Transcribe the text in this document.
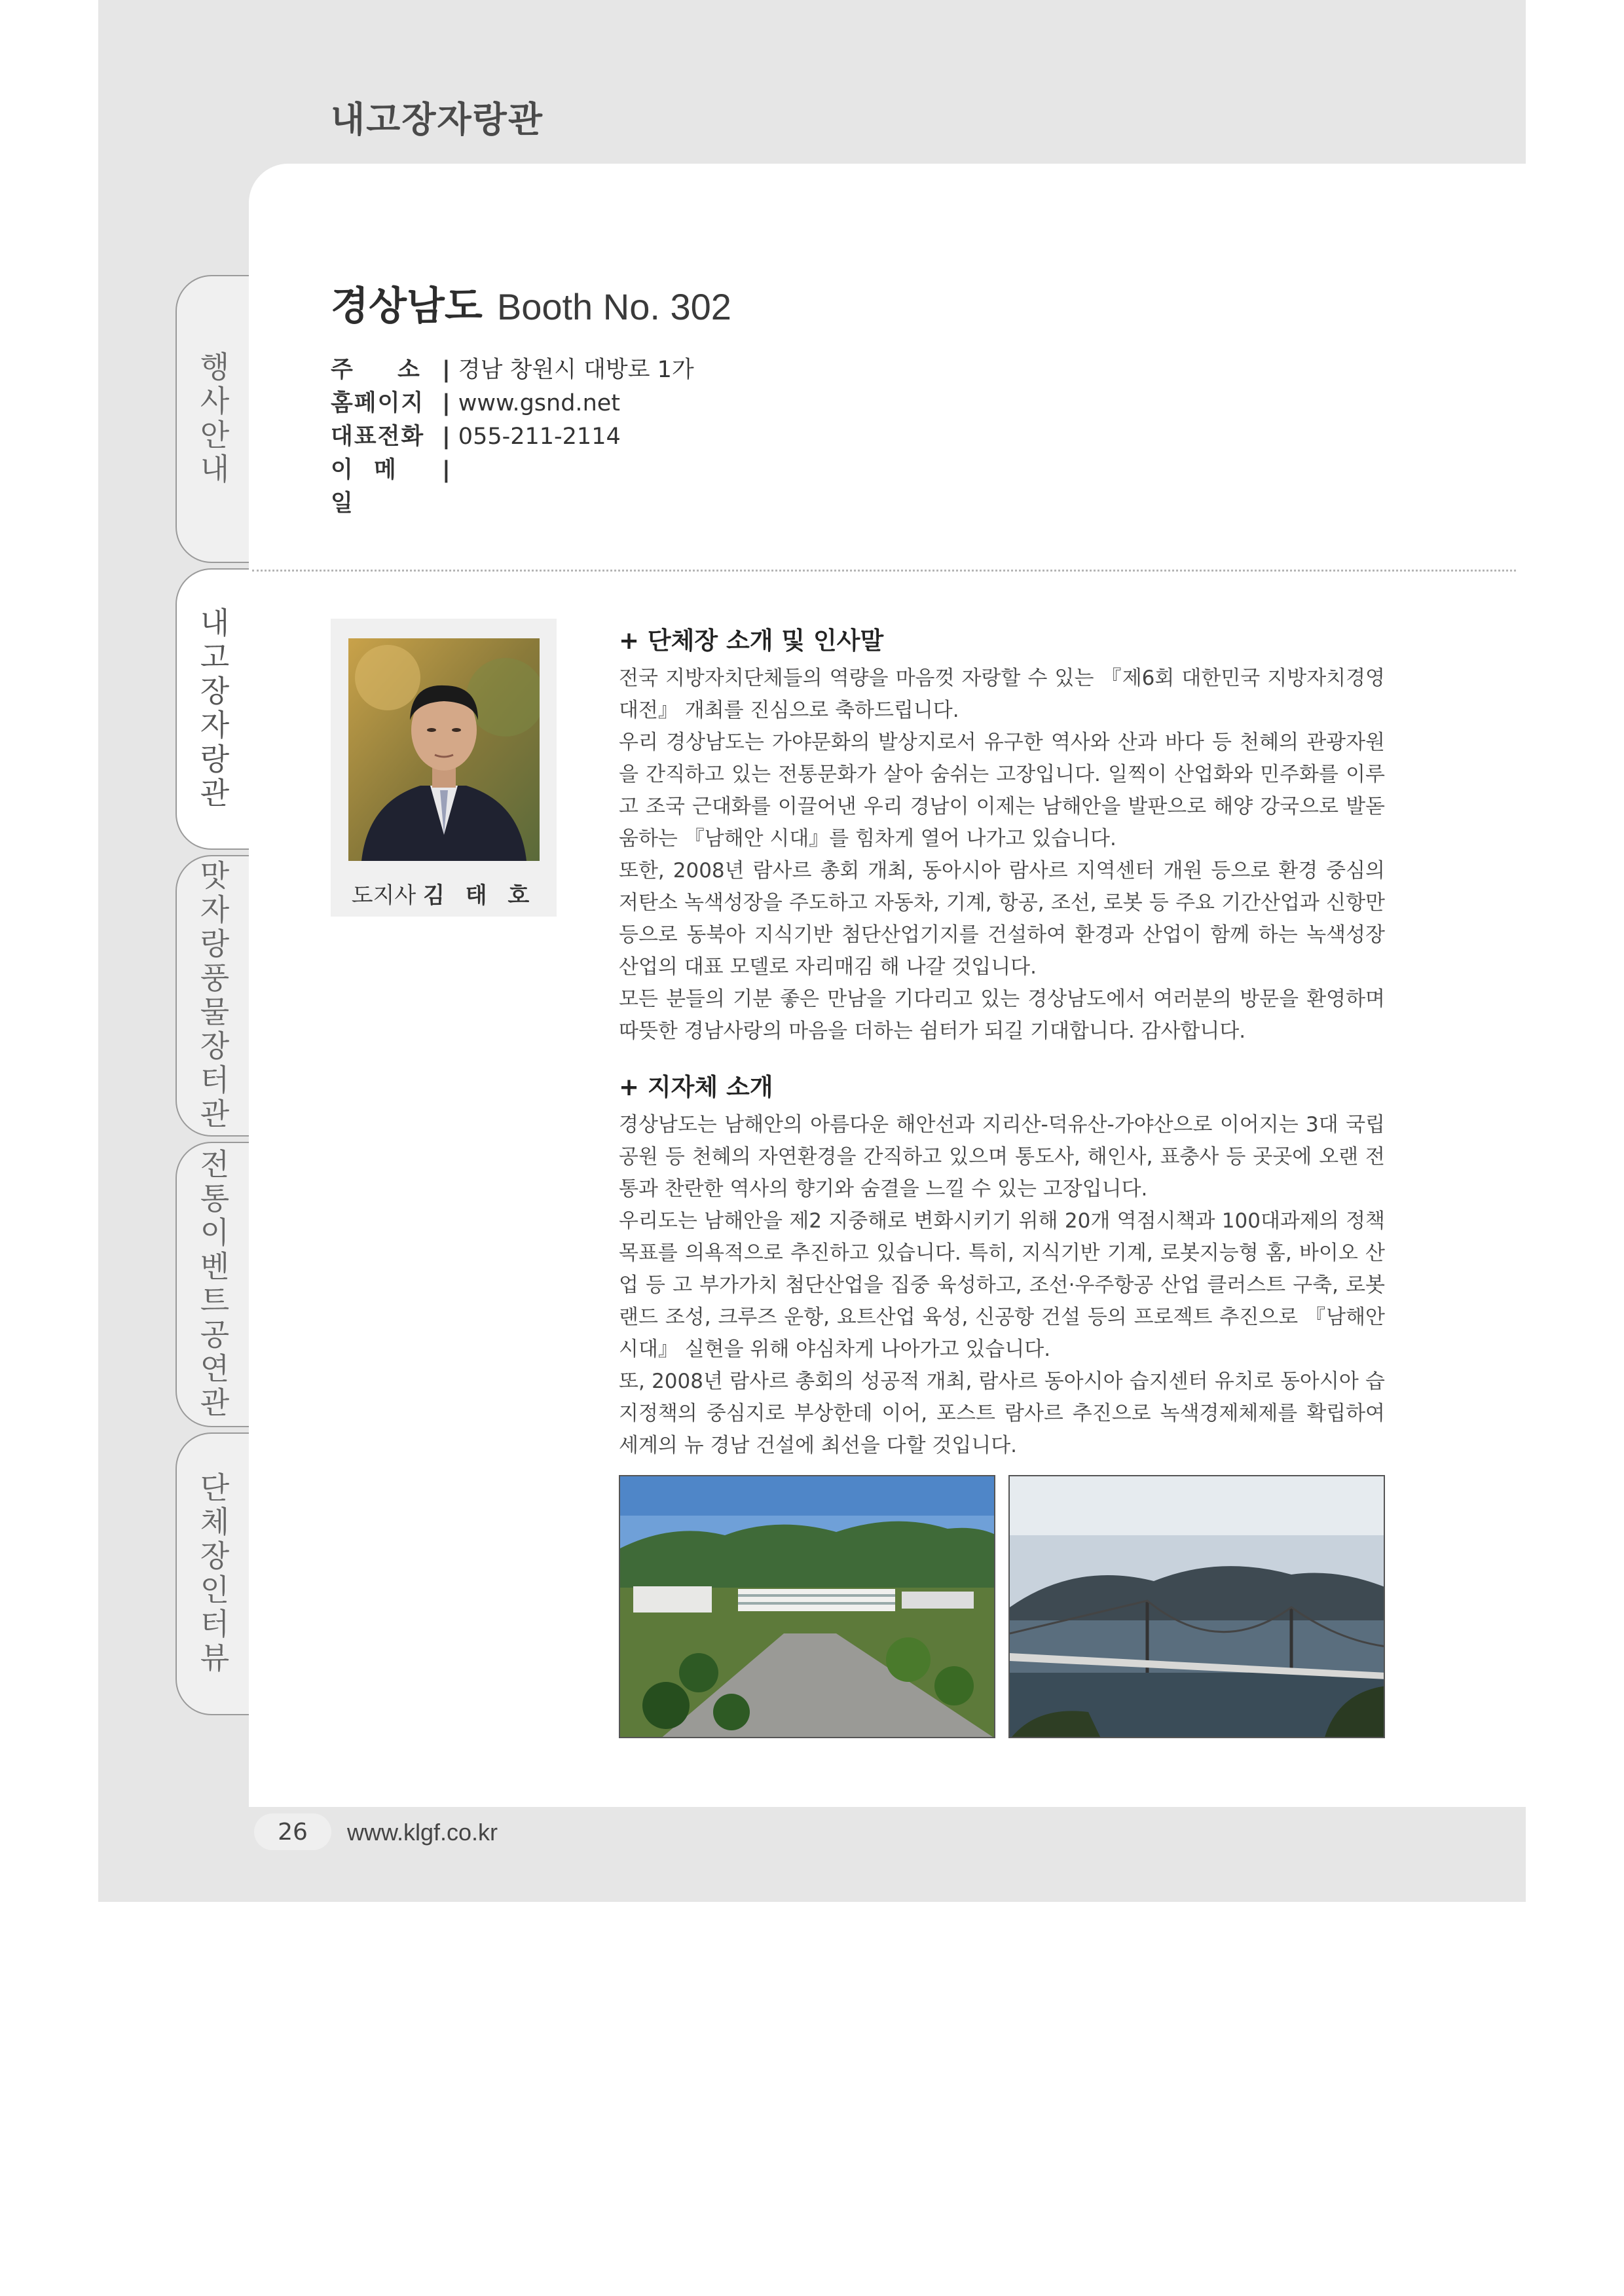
내고장자랑관
행사안내
내고장자랑관
맛자랑풍물장터관
전통이벤트공연관
단체장인터뷰
경상남도 Booth No. 302
주 소 | 경남 창원시 대방로 1가
홈페이지 | www.gsnd.net
대표전화 | 055-211-2114
이 메 일
|
도지사 김 태 호
+ 단체장 소개 및 인사말

전국 지방자치단체들의 역량을 마음껏 자랑할 수 있는 『제6회 대한민국 지방자치경영대전』 개최를 진심으로 축하드립니다.

우리 경상남도는 가야문화의 발상지로서 유구한 역사와 산과 바다 등 천혜의 관광자원을 간직하고 있는 전통문화가 살아 숨쉬는 고장입니다. 일찍이 산업화와 민주화를 이루고 조국 근대화를 이끌어낸 우리 경남이 이제는 남해안을 발판으로 해양 강국으로 발돋움하는 『남해안 시대』를 힘차게 열어 나가고 있습니다.

또한, 2008년 람사르 총회 개최, 동아시아 람사르 지역센터 개원 등으로 환경 중심의 저탄소 녹색성장을 주도하고 자동차, 기계, 항공, 조선, 로봇 등 주요 기간산업과 신항만 등으로 동북아 지식기반 첨단산업기지를 건설하여 환경과 산업이 함께 하는 녹색성장 산업의 대표 모델로 자리매김 해 나갈 것입니다.

모든 분들의 기분 좋은 만남을 기다리고 있는 경상남도에서 여러분의 방문을 환영하며 따뜻한 경남사랑의 마음을 더하는 쉼터가 되길 기대합니다. 감사합니다.

+ 지자체 소개

경상남도는 남해안의 아름다운 해안선과 지리산-덕유산-가야산으로 이어지는 3대 국립공원 등 천혜의 자연환경을 간직하고 있으며 통도사, 해인사, 표충사 등 곳곳에 오랜 전통과 찬란한 역사의 향기와 숨결을 느낄 수 있는 고장입니다.

우리도는 남해안을 제2 지중해로 변화시키기 위해 20개 역점시책과 100대과제의 정책 목표를 의욕적으로 추진하고 있습니다. 특히, 지식기반 기계, 로봇지능형 홈, 바이오 산업 등 고 부가가치 첨단산업을 집중 육성하고, 조선·우주항공 산업 클러스트 구축, 로봇랜드 조성, 크루즈 운항, 요트산업 육성, 신공항 건설 등의 프로젝트 추진으로 『남해안 시대』 실현을 위해 야심차게 나아가고 있습니다.

또, 2008년 람사르 총회의 성공적 개최, 람사르 동아시아 습지센터 유치로 동아시아 습지정책의 중심지로 부상한데 이어, 포스트 람사르 추진으로 녹색경제체제를 확립하여 세계의 뉴 경남 건설에 최선을 다할 것입니다.

26	www.klgf.co.kr
